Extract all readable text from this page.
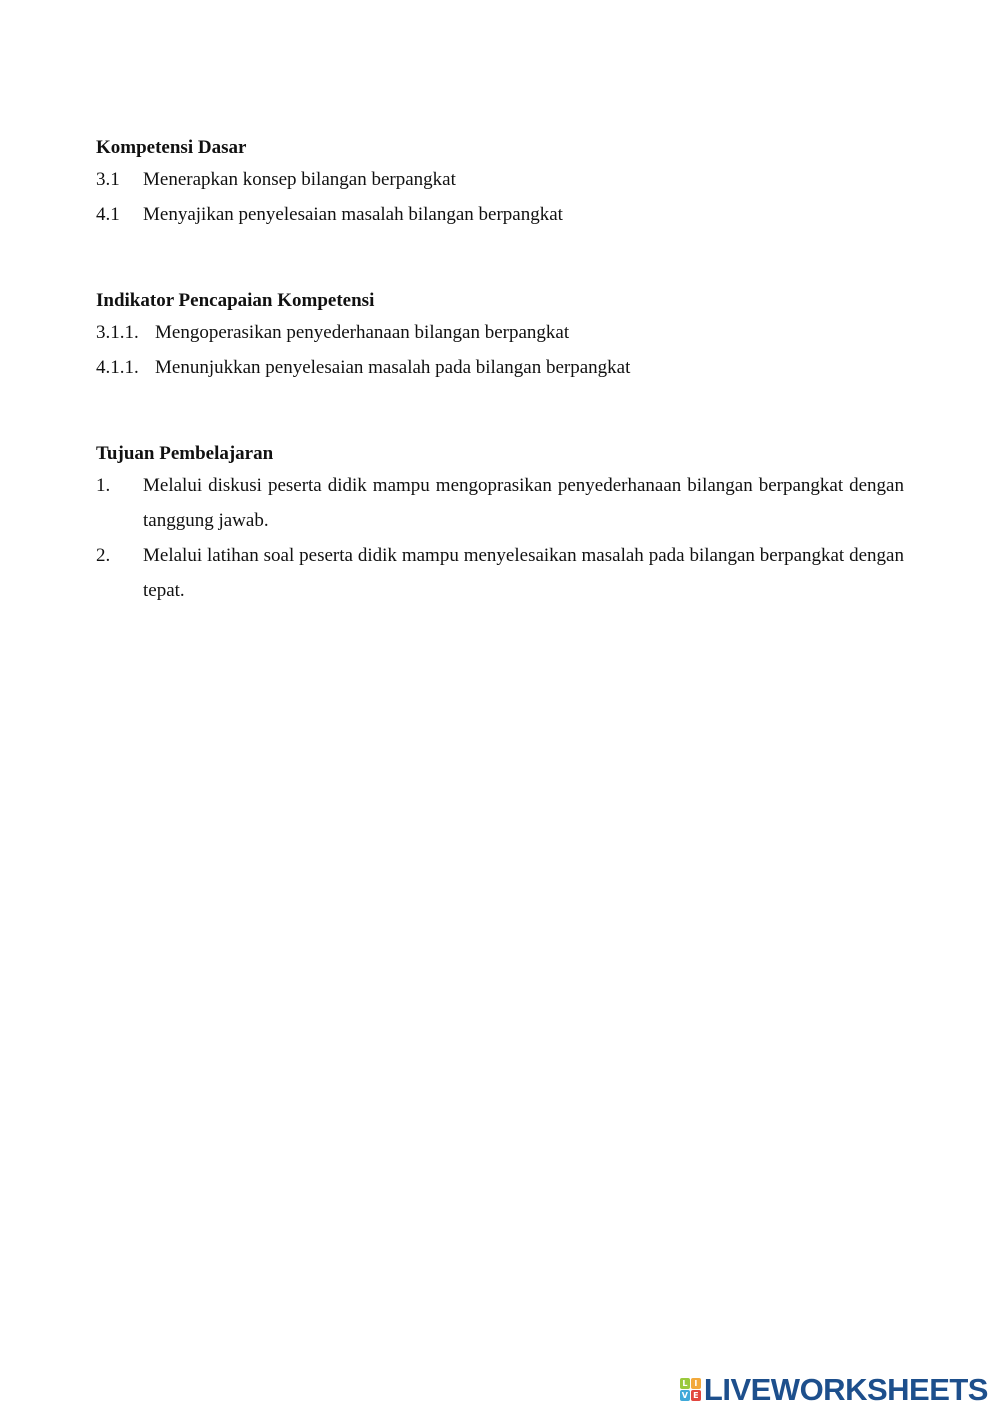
Kompetensi Dasar

3.1	Menerapkan konsep bilangan berpangkat
4.1	Menyajikan penyelesaian masalah bilangan berpangkat

Indikator Pencapaian Kompetensi

3.1.1. Mengoperasikan penyederhanaan bilangan berpangkat
4.1.1. Menunjukkan penyelesaian masalah pada bilangan berpangkat

Tujuan Pembelajaran

1.	Melalui diskusi peserta didik mampu mengoprasikan penyederhanaan bilangan berpangkat dengan tanggung jawab.
2.	Melalui latihan soal peserta didik mampu menyelesaikan masalah pada bilangan berpangkat dengan tepat.
L I
V E LIVEWORKSHEETS
